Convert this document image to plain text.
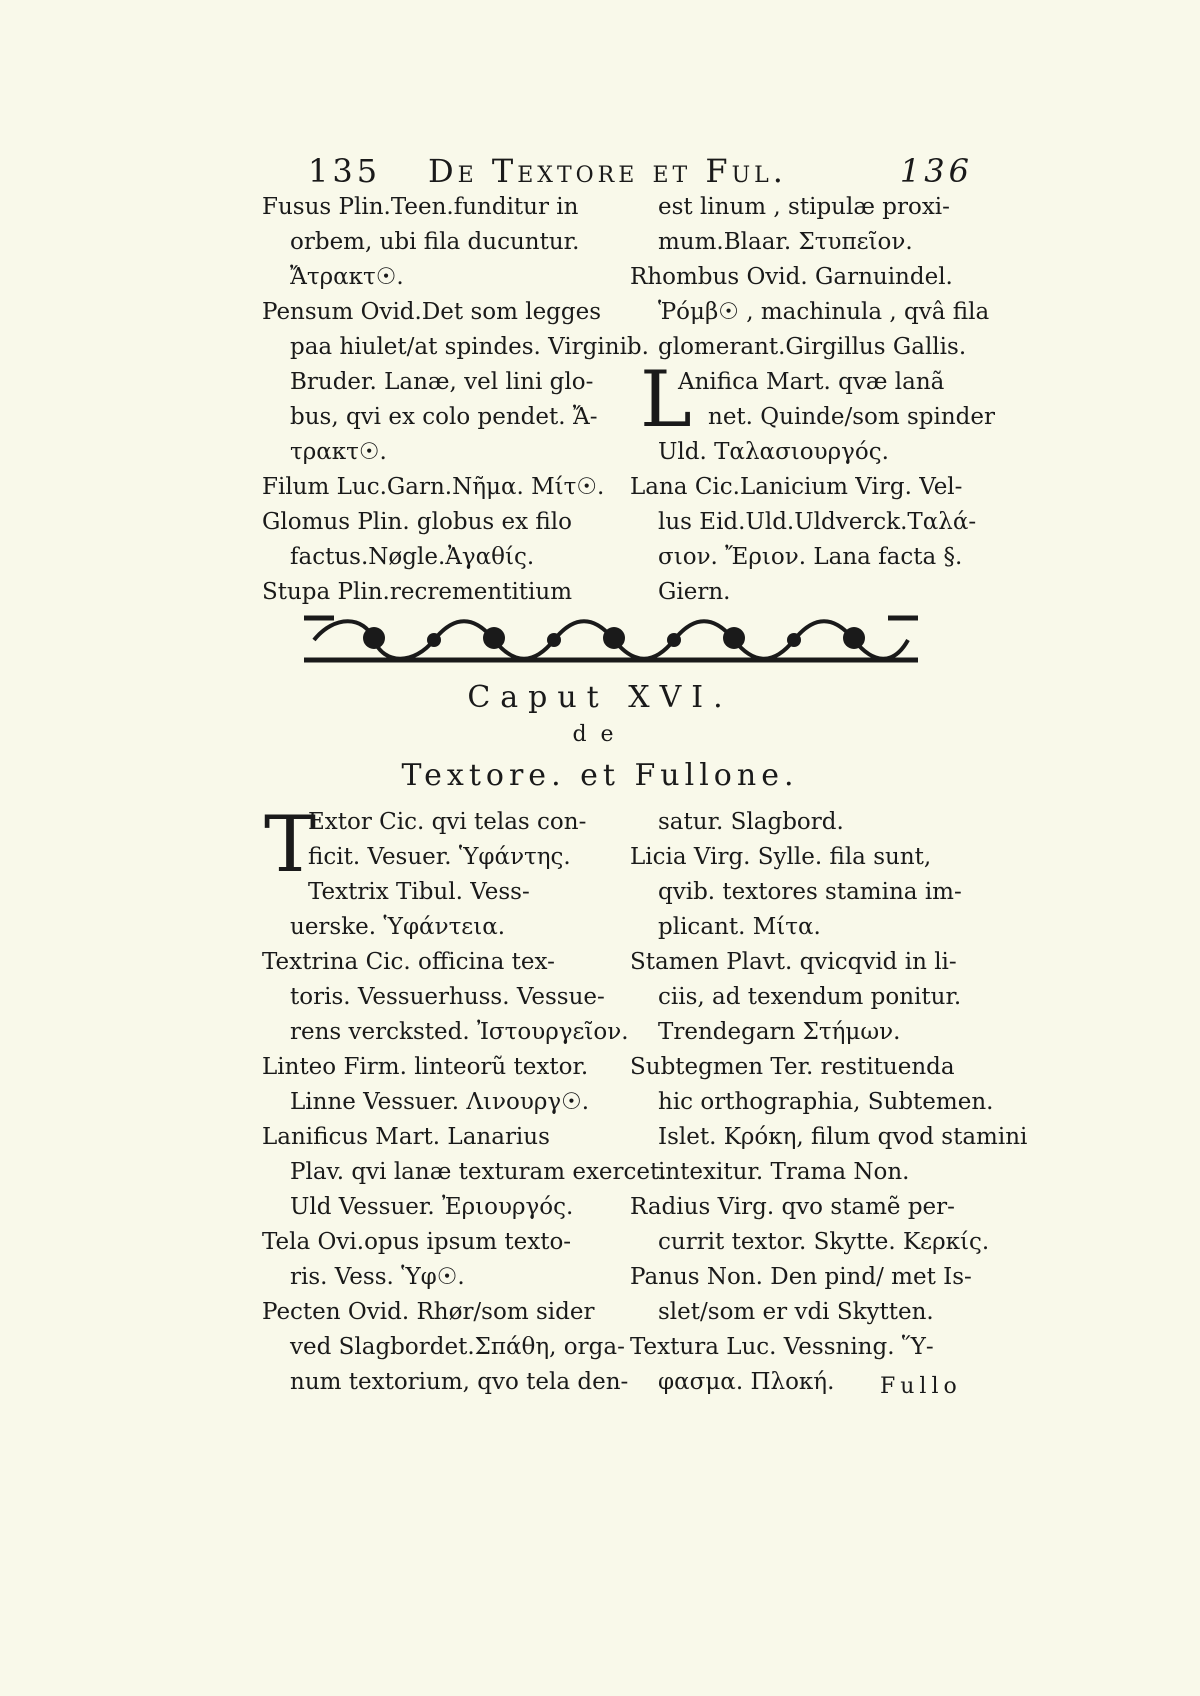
135 De Textore et Ful.	136
Fusus Plin.Teen.funditur in
orbem, ubi fila ducuntur.
Ἄτρακτ☉.
Pensum Ovid.Det som legges
paa hiulet/at spindes. Virginib.
Bruder. Lanæ, vel lini glo-
bus, qvi ex colo pendet. Ἄ-
τρακτ☉.
Filum Luc.Garn.Νῆμα. Μίτ☉.
Glomus Plin. globus ex filo
factus.Nøgle.Ἀγαθίς.
Stupa Plin.recrementitium
est linum , stipulæ proxi-
mum.Blaar. Στυπεῖον.
Rhombus Ovid. Garnuindel.
Ῥόμβ☉ , machinula , qvâ fila
glomerant.Girgillus Gallis.
Anifica Mart. qvæ lanã
net. Quinde/som spinder
Uld. Ταλασιουργός.
Lana Cic.Lanicium Virg. Vel-
lus Eid.Uld.Uldverck.Ταλά-
σιον. Ἔριον. Lana facta §.
Giern.
L
Caput XVI.
de
Textore. et Fullone.
T
Extor Cic. qvi telas con-
ficit. Vesuer. Ὑφάντης.
Textrix Tibul. Vess-
uerske. Ὑφάντεια.
Textrina Cic. officina tex-
toris. Vessuerhuss. Vessue-
rens vercksted. Ἰστουργεῖον.
Linteo Firm. linteorũ textor.
Linne Vessuer. Λινουργ☉.
Lanificus Mart. Lanarius
Plav. qvi lanæ texturam exercet.
Uld Vessuer. Ἐριουργός.
Tela Ovi.opus ipsum textο-
ris. Vess. Ὑφ☉.
Pecten Ovid. Rhør/som sider
ved Slagbordet.Σπάθη, orga-
num textorium, qvo tela den-
satur. Slagbord.
Licia Virg. Sylle. fila sunt,
qvib. textores stamina im-
plicant. Μίτα.
Stamen Plavt. qvicqvid in li-
ciis, ad texendum ponitur.
Trendegarn Στήμων.
Subtegmen Ter. restituenda
hic orthographia, Subtemen.
Islet. Κρόκη, filum qvod staminі
intexitur. Trama Non.
Radius Virg. qvo stamẽ per-
currit textor. Skytte. Κερκίς.
Panus Non. Den pind/ met Is-
slet/som er vdi Skytten.
Textura Luc. Vessning. Ὕ-
φασμα. Πλοκή.	Fullo
